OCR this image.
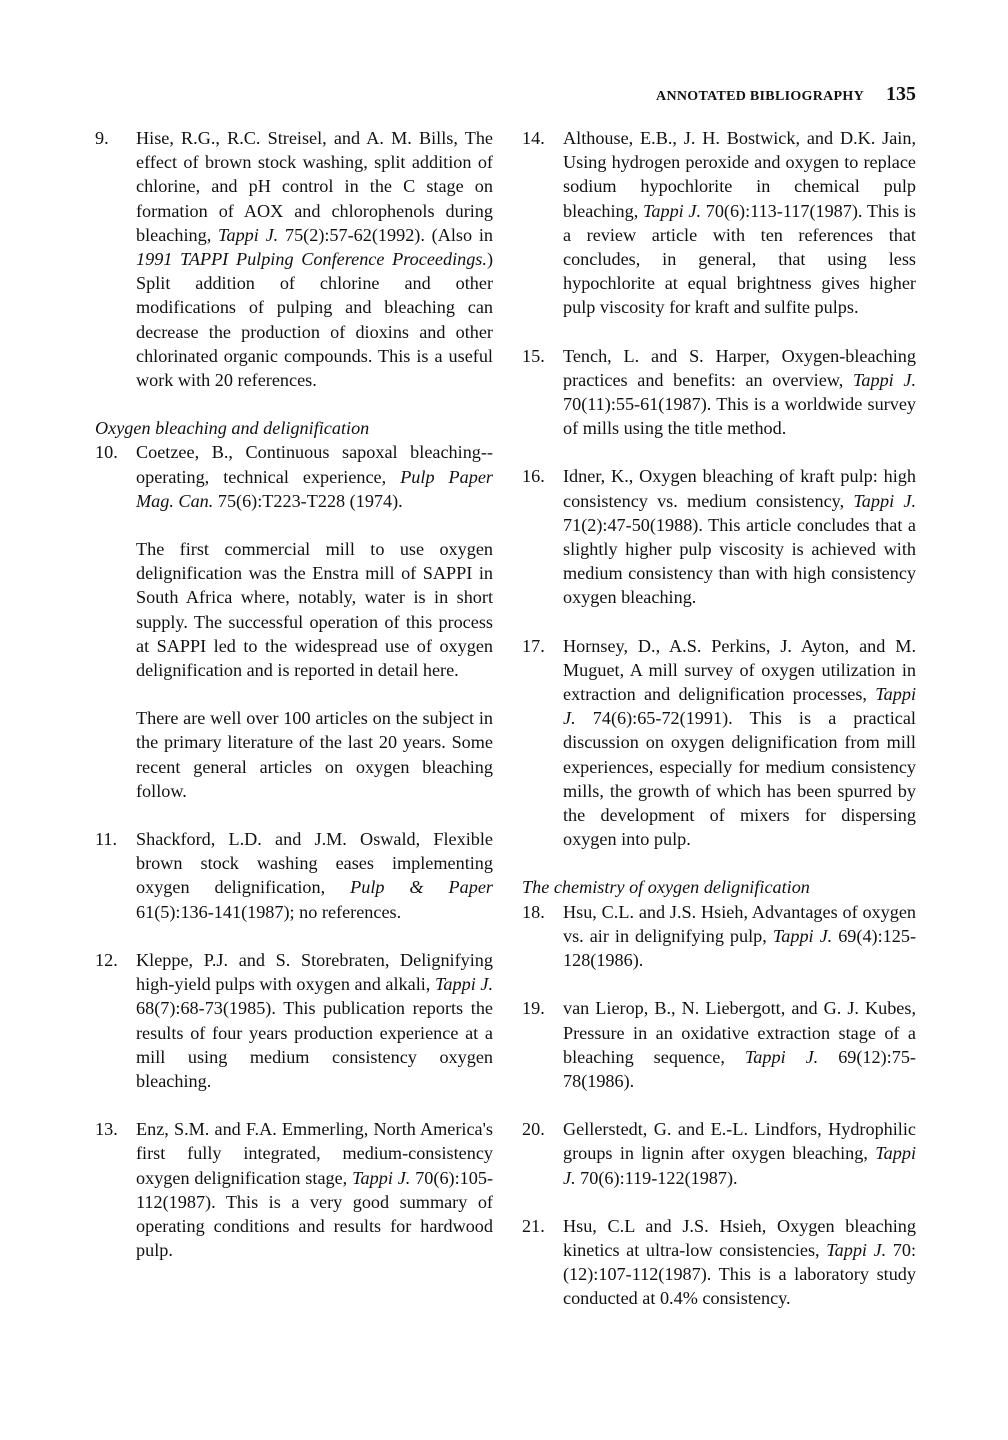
ANNOTATED BIBLIOGRAPHY 135
9. Hise, R.G., R.C. Streisel, and A. M. Bills, The effect of brown stock washing, split addition of chlorine, and pH control in the C stage on formation of AOX and chlorophenols during bleaching, Tappi J. 75(2):57-62(1992). (Also in 1991 TAPPI Pulping Conference Proceedings.) Split addition of chlorine and other modifications of pulping and bleaching can decrease the production of dioxins and other chlorinated organic compounds. This is a useful work with 20 references.

Oxygen bleaching and delignification

10. Coetzee, B., Continuous sapoxal bleaching--operating, technical experience, Pulp Paper Mag. Can. 75(6):T223-T228 (1974).
The first commercial mill to use oxygen delignification was the Enstra mill of SAPPI in South Africa where, notably, water is in short supply. The successful operation of this process at SAPPI led to the widespread use of oxygen delignification and is reported in detail here.
There are well over 100 articles on the subject in the primary literature of the last 20 years. Some recent general articles on oxygen bleaching follow.
11. Shackford, L.D. and J.M. Oswald, Flexible brown stock washing eases implementing oxygen delignification, Pulp & Paper 61(5):136-141(1987); no references.
12. Kleppe, P.J. and S. Storebraten, Delignifying high-yield pulps with oxygen and alkali, Tappi J. 68(7):68-73(1985). This publication reports the results of four years production experience at a mill using medium consistency oxygen bleaching.
13. Enz, S.M. and F.A. Emmerling, North America's first fully integrated, medium-consistency oxygen delignification stage, Tappi J. 70(6):105-112(1987). This is a very good summary of operating conditions and results for hardwood pulp.
14. Althouse, E.B., J. H. Bostwick, and D.K. Jain, Using hydrogen peroxide and oxygen to replace sodium hypochlorite in chemical pulp bleaching, Tappi J. 70(6):113-117(1987). This is a review article with ten references that concludes, in general, that using less hypochlorite at equal brightness gives higher pulp viscosity for kraft and sulfite pulps.
15. Tench, L. and S. Harper, Oxygen-bleaching practices and benefits: an overview, Tappi J. 70(11):55-61(1987). This is a worldwide survey of mills using the title method.
16. Idner, K., Oxygen bleaching of kraft pulp: high consistency vs. medium consistency, Tappi J. 71(2):47-50(1988). This article concludes that a slightly higher pulp viscosity is achieved with medium consistency than with high consistency oxygen bleaching.
17. Hornsey, D., A.S. Perkins, J. Ayton, and M. Muguet, A mill survey of oxygen utilization in extraction and delignification processes, Tappi J. 74(6):65-72(1991). This is a practical discussion on oxygen delignification from mill experiences, especially for medium consistency mills, the growth of which has been spurred by the development of mixers for dispersing oxygen into pulp.

The chemistry of oxygen delignification

18. Hsu, C.L. and J.S. Hsieh, Advantages of oxygen vs. air in delignifying pulp, Tappi J. 69(4):125-128(1986).
19. van Lierop, B., N. Liebergott, and G. J. Kubes, Pressure in an oxidative extraction stage of a bleaching sequence, Tappi J. 69(12):75-78(1986).
20. Gellerstedt, G. and E.-L. Lindfors, Hydrophilic groups in lignin after oxygen bleaching, Tappi J. 70(6):119-122(1987).
21. Hsu, C.L and J.S. Hsieh, Oxygen bleaching kinetics at ultra-low consistencies, Tappi J. 70:(12):107-112(1987). This is a laboratory study conducted at 0.4% consistency.
